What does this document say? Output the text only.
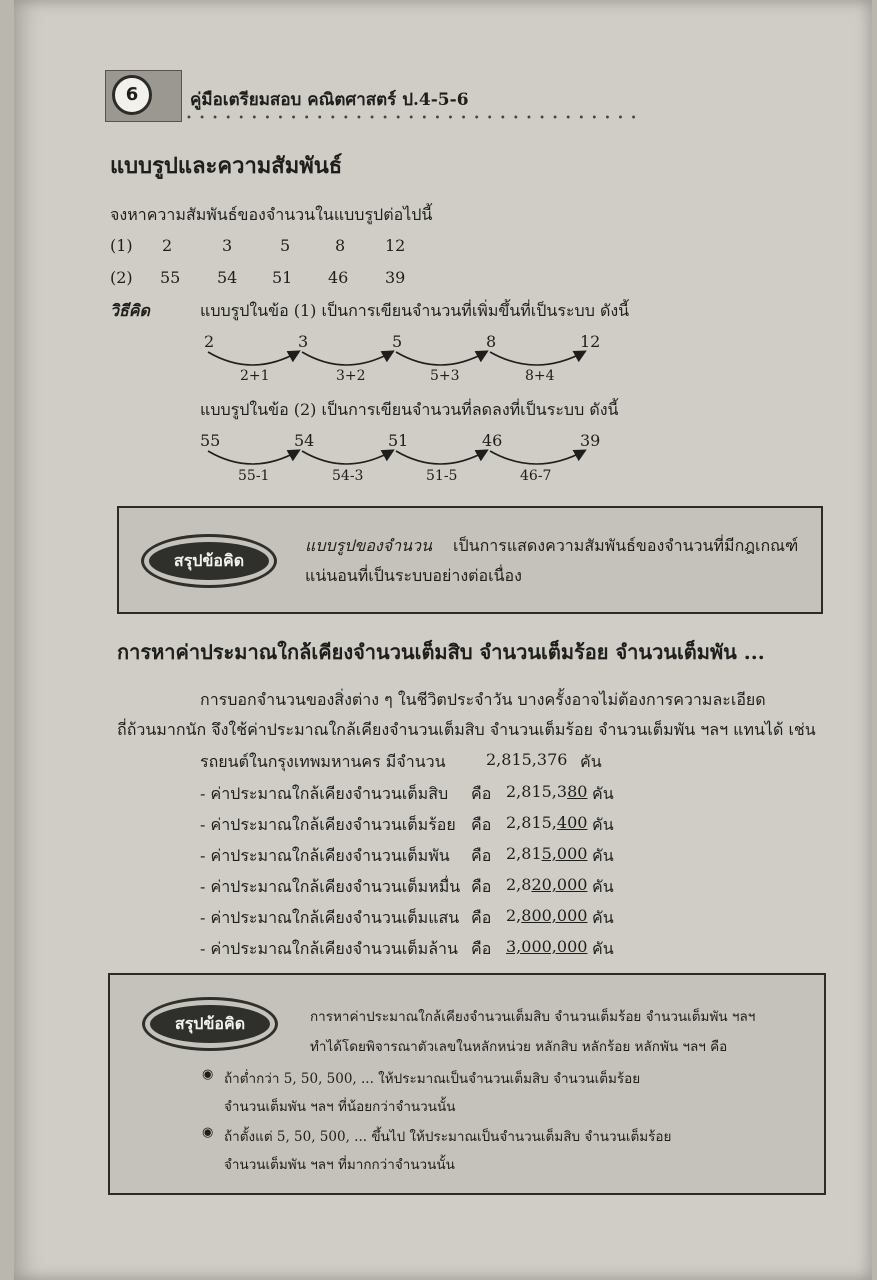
6	คู่มือเตรียมสอบ คณิตศาสตร์ ป.4-5-6
• • • • • • • • • • • • • • • • • • • • • • • • • • • • • • • • • • •
แบบรูปและความสัมพันธ์
จงหาความสัมพันธ์ของจำนวนในแบบรูปต่อไปนี้
(1) 2	3	5	8 12
(2) 55 54 51 46 39
วิธีคิด	แบบรูปในข้อ (1) เป็นการเขียนจำนวนที่เพิ่มขึ้นที่เป็นระบบ ดังนี้
2	3	5	8	12
2+1	3+2	5+3	8+4
แบบรูปในข้อ (2) เป็นการเขียนจำนวนที่ลดลงที่เป็นระบบ ดังนี้
55	54	51	46	39
55-1	54-3	51-5	46-7
สรุปข้อคิด
แบบรูปของจำนวน เป็นการแสดงความสัมพันธ์ของจำนวนที่มีกฎเกณฑ์
แน่นอนที่เป็นระบบอย่างต่อเนื่อง
การหาค่าประมาณใกล้เคียงจำนวนเต็มสิบ จำนวนเต็มร้อย จำนวนเต็มพัน ...
การบอกจำนวนของสิ่งต่าง ๆ ในชีวิตประจำวัน บางครั้งอาจไม่ต้องการความละเอียด
ถี่ถ้วนมากนัก จึงใช้ค่าประมาณใกล้เคียงจำนวนเต็มสิบ จำนวนเต็มร้อย จำนวนเต็มพัน ฯลฯ แทนได้ เช่น
รถยนต์ในกรุงเทพมหานคร มีจำนวน	2,815,376 คัน
- ค่าประมาณใกล้เคียงจำนวนเต็มสิบ คือ 2,815,380 คัน
- ค่าประมาณใกล้เคียงจำนวนเต็มร้อย คือ 2,815,400 คัน
- ค่าประมาณใกล้เคียงจำนวนเต็มพัน คือ 2,815,000 คัน
- ค่าประมาณใกล้เคียงจำนวนเต็มหมื่น คือ 2,820,000 คัน
- ค่าประมาณใกล้เคียงจำนวนเต็มแสน คือ 2,800,000 คัน
- ค่าประมาณใกล้เคียงจำนวนเต็มล้าน คือ 3,000,000 คัน
สรุปข้อคิด	การหาค่าประมาณใกล้เคียงจำนวนเต็มสิบ จำนวนเต็มร้อย จำนวนเต็มพัน ฯลฯ
ทำได้โดยพิจารณาตัวเลขในหลักหน่วย หลักสิบ หลักร้อย หลักพัน ฯลฯ คือ
◉ ถ้าต่ำกว่า 5, 50, 500, ... ให้ประมาณเป็นจำนวนเต็มสิบ จำนวนเต็มร้อย
จำนวนเต็มพัน ฯลฯ ที่น้อยกว่าจำนวนนั้น
◉ ถ้าตั้งแต่ 5, 50, 500, ... ขึ้นไป ให้ประมาณเป็นจำนวนเต็มสิบ จำนวนเต็มร้อย
จำนวนเต็มพัน ฯลฯ ที่มากกว่าจำนวนนั้น
